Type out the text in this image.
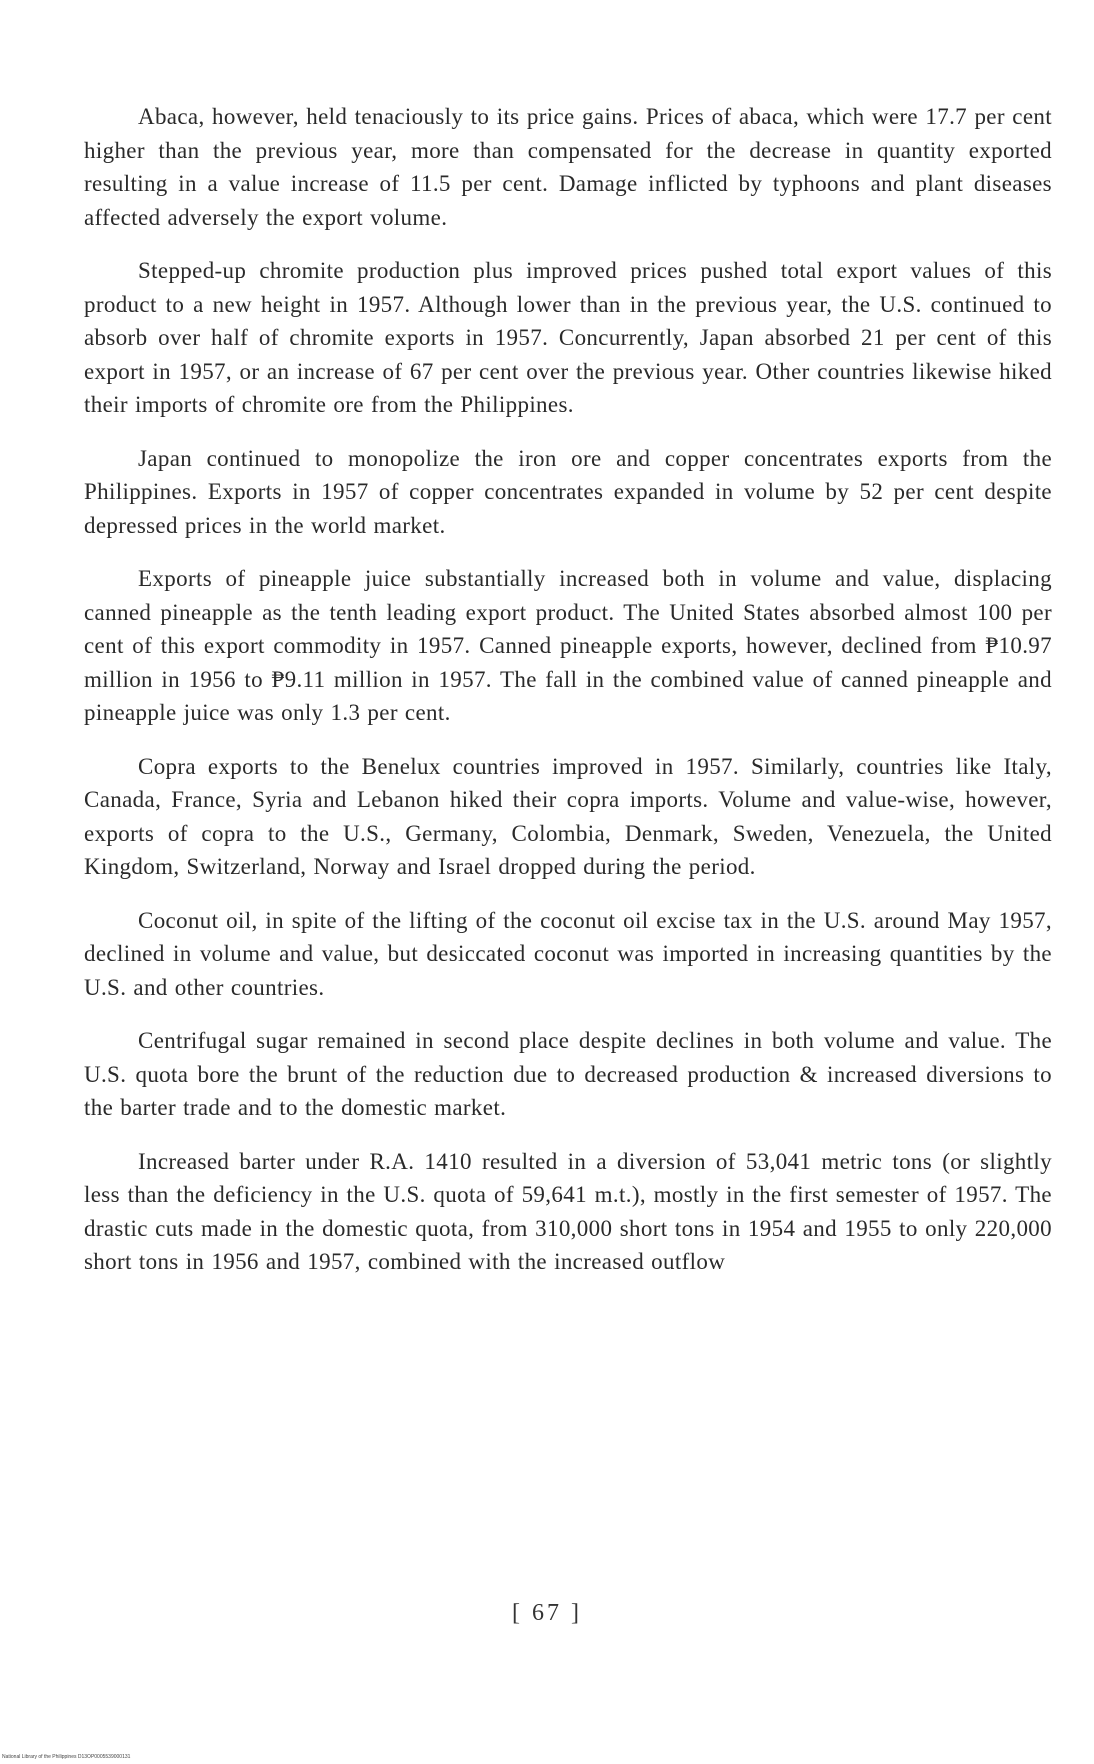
Abaca, however, held tenaciously to its price gains. Prices of abaca, which were 17.7 per cent higher than the previous year, more than compensated for the decrease in quantity exported resulting in a value increase of 11.5 per cent. Damage inflicted by typhoons and plant diseases affected adversely the export volume.

Stepped-up chromite production plus improved prices pushed total export values of this product to a new height in 1957. Although lower than in the previous year, the U.S. continued to absorb over half of chromite exports in 1957. Concurrently, Japan absorbed 21 per cent of this export in 1957, or an increase of 67 per cent over the previous year. Other countries likewise hiked their imports of chromite ore from the Philippines.

Japan continued to monopolize the iron ore and copper concentrates exports from the Philippines. Exports in 1957 of copper concentrates expanded in volume by 52 per cent despite depressed prices in the world market.

Exports of pineapple juice substantially increased both in volume and value, displacing canned pineapple as the tenth leading export product. The United States absorbed almost 100 per cent of this export commodity in 1957. Canned pineapple exports, however, declined from ₱10.97 million in 1956 to ₱9.11 million in 1957. The fall in the combined value of canned pineapple and pineapple juice was only 1.3 per cent.

Copra exports to the Benelux countries improved in 1957. Similarly, countries like Italy, Canada, France, Syria and Lebanon hiked their copra imports. Volume and value-wise, however, exports of copra to the U.S., Germany, Colombia, Denmark, Sweden, Venezuela, the United Kingdom, Switzerland, Norway and Israel dropped during the period.

Coconut oil, in spite of the lifting of the coconut oil excise tax in the U.S. around May 1957, declined in volume and value, but desiccated coconut was imported in increasing quantities by the U.S. and other countries.

Centrifugal sugar remained in second place despite declines in both volume and value. The U.S. quota bore the brunt of the reduction due to decreased production & increased diversions to the barter trade and to the domestic market.

Increased barter under R.A. 1410 resulted in a diversion of 53,041 metric tons (or slightly less than the deficiency in the U.S. quota of 59,641 m.t.), mostly in the first semester of 1957. The drastic cuts made in the domestic quota, from 310,000 short tons in 1954 and 1955 to only 220,000 short tons in 1956 and 1957, combined with the increased outflow

[ 67 ]
National Library of the Philippines D13OP0005539000131
